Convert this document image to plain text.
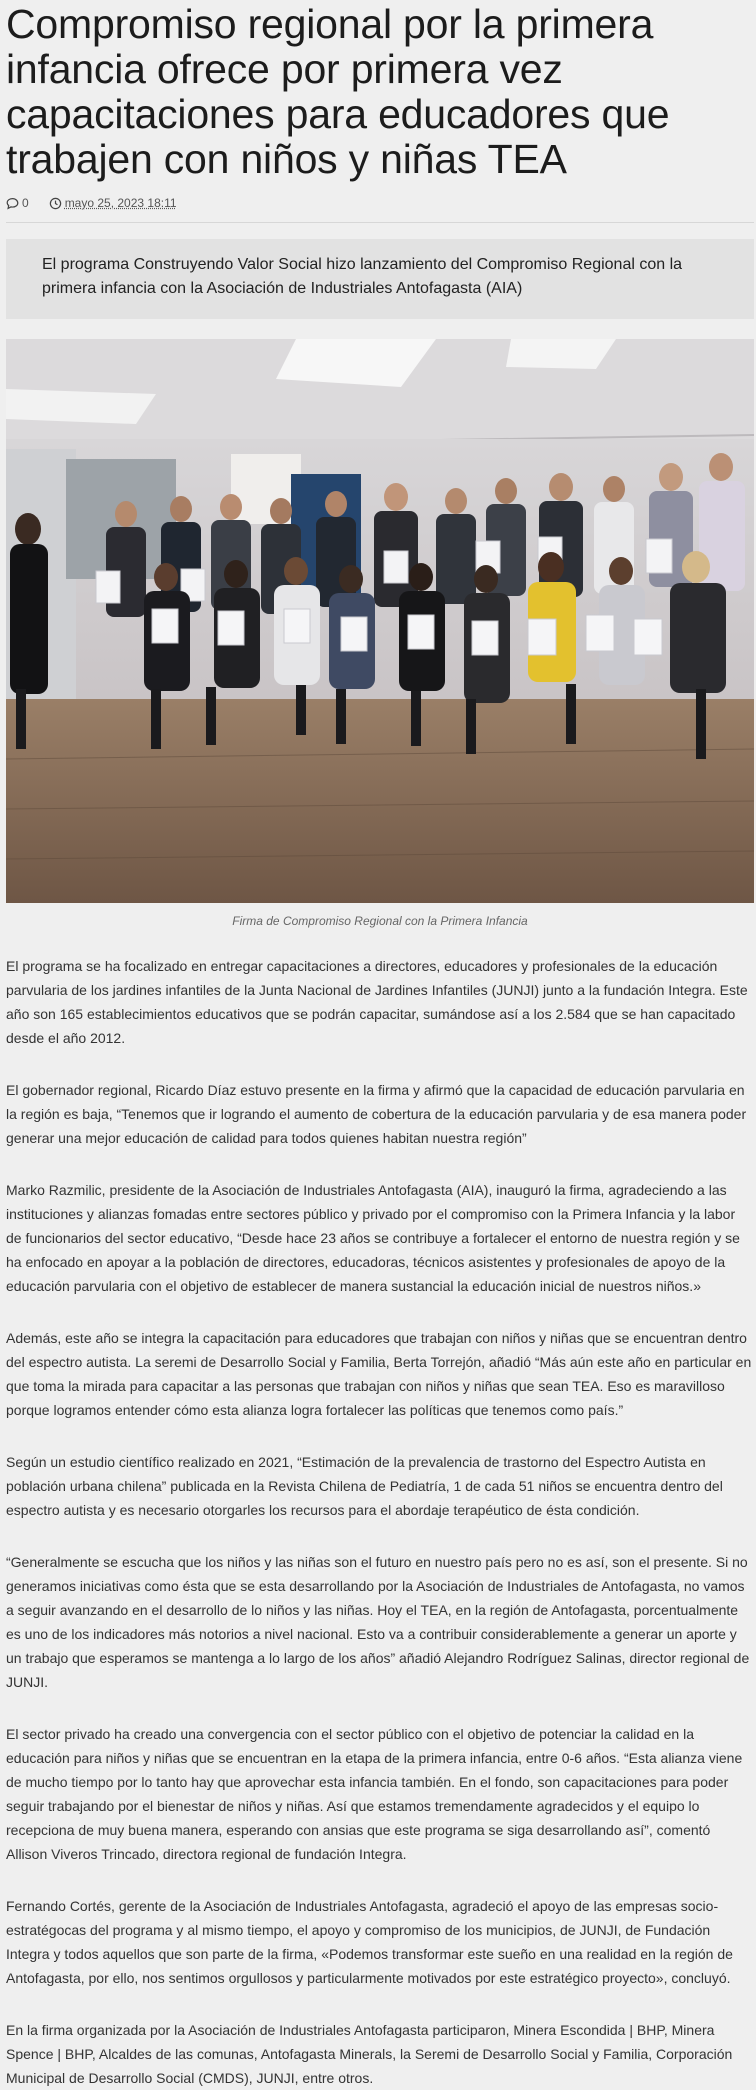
Compromiso regional por la primera infancia ofrece por primera vez capacitaciones para educadores que trabajen con niños y niñas TEA
0	mayo 25, 2023 18:11
El programa Construyendo Valor Social hizo lanzamiento del Compromiso Regional con la primera infancia con la Asociación de Industriales Antofagasta (AIA)
Firma de Compromiso Regional con la Primera Infancia

El programa se ha focalizado en entregar capacitaciones a directores, educadores y profesionales de la educación parvularia de los jardines infantiles de la Junta Nacional de Jardines Infantiles (JUNJI) junto a la fundación Integra. Este año son 165 establecimientos educativos que se podrán capacitar, sumándose así a los 2.584 que se han capacitado desde el año 2012.

El gobernador regional, Ricardo Díaz estuvo presente en la firma y afirmó que la capacidad de educación parvularia en la región es baja, “Tenemos que ir logrando el aumento de cobertura de la educación parvularia y de esa manera poder generar una mejor educación de calidad para todos quienes habitan nuestra región”

Marko Razmilic, presidente de la Asociación de Industriales Antofagasta (AIA), inauguró la firma, agradeciendo a las instituciones y alianzas fomadas entre sectores público y privado por el compromiso con la Primera Infancia y la labor de funcionarios del sector educativo, “Desde hace 23 años se contribuye a fortalecer el entorno de nuestra región y se ha enfocado en apoyar a la población de directores, educadoras, técnicos asistentes y profesionales de apoyo de la educación parvularia con el objetivo de establecer de manera sustancial la educación inicial de nuestros niños.»

Además, este año se integra la capacitación para educadores que trabajan con niños y niñas que se encuentran dentro del espectro autista. La seremi de Desarrollo Social y Familia, Berta Torrejón, añadió “Más aún este año en particular en que toma la mirada para capacitar a las personas que trabajan con niños y niñas que sean TEA. Eso es maravilloso porque logramos entender cómo esta alianza logra fortalecer las políticas que tenemos como país.”

Según un estudio científico realizado en 2021, “Estimación de la prevalencia de trastorno del Espectro Autista en población urbana chilena” publicada en la Revista Chilena de Pediatría, 1 de cada 51 niños se encuentra dentro del espectro autista y es necesario otorgarles los recursos para el abordaje terapéutico de ésta condición.

“Generalmente se escucha que los niños y las niñas son el futuro en nuestro país pero no es así, son el presente. Si no generamos iniciativas como ésta que se esta desarrollando por la Asociación de Industriales de Antofagasta, no vamos a seguir avanzando en el desarrollo de lo niños y las niñas. Hoy el TEA, en la región de Antofagasta, porcentualmente es uno de los indicadores más notorios a nivel nacional. Esto va a contribuir considerablemente a generar un aporte y un trabajo que esperamos se mantenga a lo largo de los años” añadió Alejandro Rodríguez Salinas, director regional de JUNJI.

El sector privado ha creado una convergencia con el sector público con el objetivo de potenciar la calidad en la educación para niños y niñas que se encuentran en la etapa de la primera infancia, entre 0-6 años. “Esta alianza viene de mucho tiempo por lo tanto hay que aprovechar esta infancia también. En el fondo, son capacitaciones para poder seguir trabajando por el bienestar de niños y niñas. Así que estamos tremendamente agradecidos y el equipo lo recepciona de muy buena manera, esperando con ansias que este programa se siga desarrollando así”, comentó Allison Viveros Trincado, directora regional de fundación Integra.

Fernando Cortés, gerente de la Asociación de Industriales Antofagasta, agradeció el apoyo de las empresas socio-estratégocas del programa y al mismo tiempo, el apoyo y compromiso de los municipios, de JUNJI, de Fundación Integra y todos aquellos que son parte de la firma, «Podemos transformar este sueño en una realidad en la región de Antofagasta, por ello, nos sentimos orgullosos y particularmente motivados por este estratégico proyecto», concluyó.

En la firma organizada por la Asociación de Industriales Antofagasta participaron, Minera Escondida | BHP, Minera Spence | BHP, Alcaldes de las comunas, Antofagasta Minerals, la Seremi de Desarrollo Social y Familia, Corporación Municipal de Desarrollo Social (CMDS), JUNJI, entre otros.
